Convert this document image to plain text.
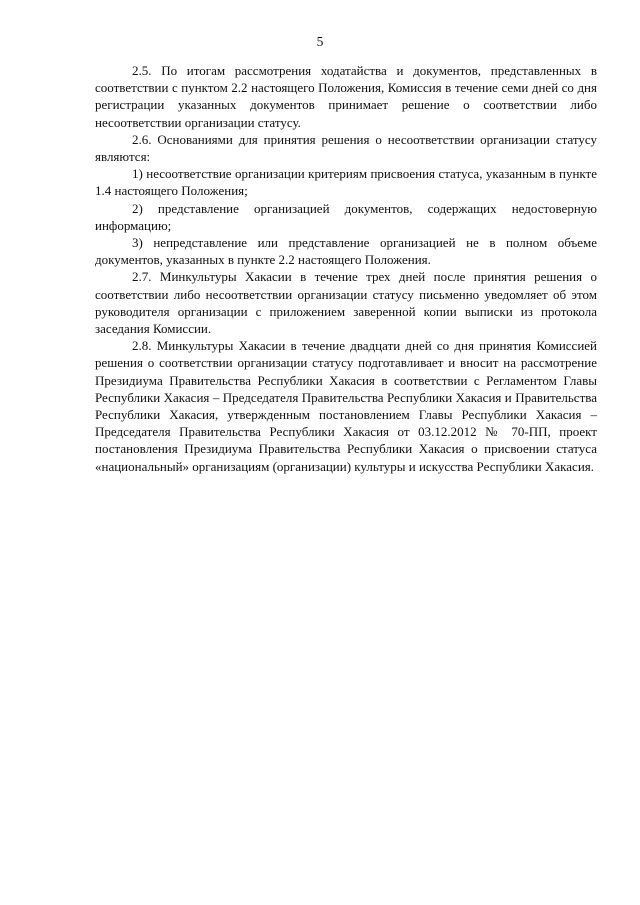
5

2.5. По итогам рассмотрения ходатайства и документов, представленных в соответствии с пунктом 2.2 настоящего Положения, Комиссия в течение семи дней со дня регистрации указанных документов принимает решение о соответствии либо несоответствии организации статусу.

2.6. Основаниями для принятия решения о несоответствии организации статусу являются:

1) несоответствие организации критериям присвоения статуса, указанным в пункте 1.4 настоящего Положения;

2) представление организацией документов, содержащих недостоверную информацию;

3) непредставление или представление организацией не в полном объеме документов, указанных в пункте 2.2 настоящего Положения.

2.7. Минкультуры Хакасии в течение трех дней после принятия решения о соответствии либо несоответствии организации статусу письменно уведомляет об этом руководителя организации с приложением заверенной копии выписки из протокола заседания Комиссии.

2.8. Минкультуры Хакасии в течение двадцати дней со дня принятия Комиссией решения о соответствии организации статусу подготавливает и вносит на рассмотрение Президиума Правительства Республики Хакасия в соответствии с Регламентом Главы Республики Хакасия – Председателя Правительства Республики Хакасия и Правительства Республики Хакасия, утвержденным постановлением Главы Республики Хакасия – Председателя Правительства Республики Хакасия от 03.12.2012 № 70-ПП, проект постановления Президиума Правительства Республики Хакасия о присвоении статуса «национальный» организациям (организации) культуры и искусства Республики Хакасия.
